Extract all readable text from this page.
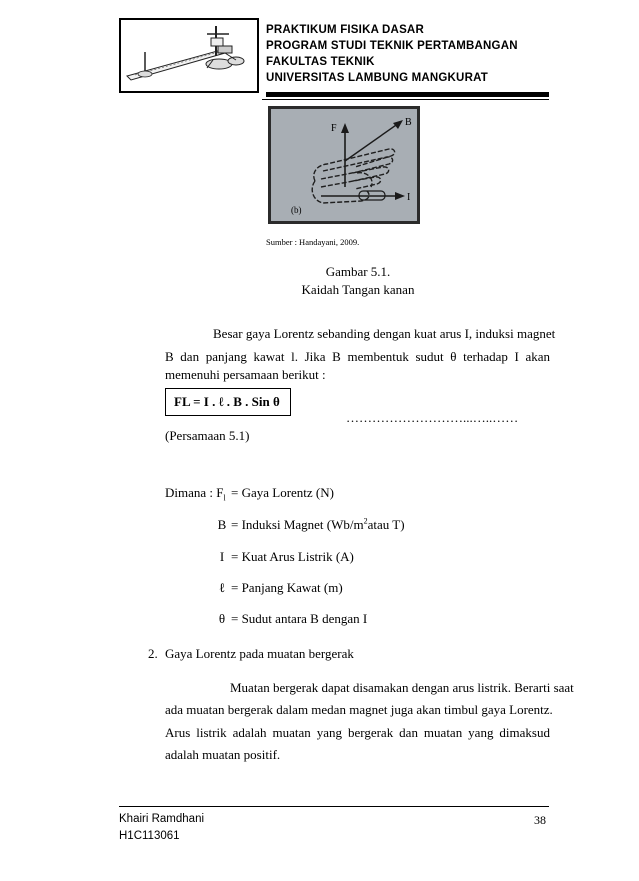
PRAKTIKUM FISIKA DASAR
PROGRAM STUDI TEKNIK PERTAMBANGAN
FAKULTAS TEKNIK
UNIVERSITAS LAMBUNG MANGKURAT
F
B
I
(b)
Sumber : Handayani, 2009.
Gambar 5.1.
Kaidah Tangan kanan
Besar gaya Lorentz sebanding dengan kuat arus I, induksi magnet
B dan panjang kawat l. Jika B membentuk sudut θ terhadap I akan
memenuhi persamaan berikut :
FL = I . ℓ . B . Sin θ
………………………...…..……
(Persamaan 5.1)
Dimana : $F_l$ = Gaya Lorentz (N)
B = Induksi Magnet ($Wb/m^2atau$ T)
I = Kuat Arus Listrik (A)
ℓ = Panjang Kawat (m)
θ = Sudut antara B dengan I
2. Gaya Lorentz pada muatan bergerak
Muatan bergerak dapat disamakan dengan arus listrik. Berarti saat
ada muatan bergerak dalam medan magnet juga akan timbul gaya Lorentz.
Arus listrik adalah muatan yang bergerak dan muatan yang dimaksud
adalah muatan positif.
Khairi Ramdhani
H1C113061
38
